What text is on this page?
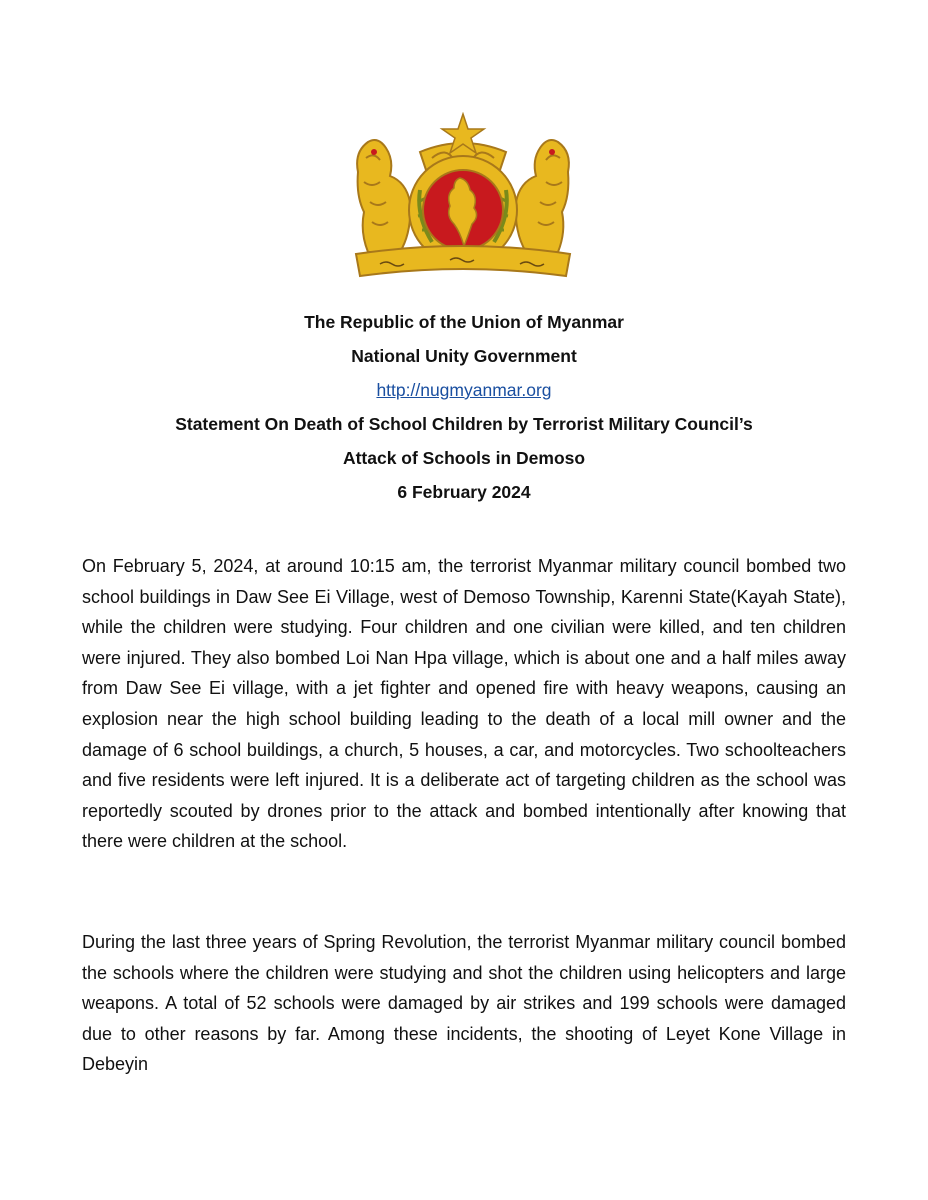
The Republic of the Union of Myanmar
National Unity Government
http://nugmyanmar.org
Statement On Death of School Children by Terrorist Military Council’s
Attack of Schools in Demoso
6 February 2024

On February 5, 2024, at around 10:15 am, the terrorist Myanmar military council bombed two school buildings in Daw See Ei Village, west of Demoso Township, Karenni State(Kayah State), while the children were studying. Four children and one civilian were killed, and ten children were injured. They also bombed Loi Nan Hpa village, which is about one and a half miles away from Daw See Ei village, with a jet fighter and opened fire with heavy weapons, causing an explosion near the high school building leading to the death of a local mill owner and the damage of 6 school buildings, a church, 5 houses, a car, and motorcycles. Two schoolteachers and five residents were left injured. It is a deliberate act of targeting children as the school was reportedly scouted by drones prior to the attack and bombed intentionally after knowing that there were children at the school.

During the last three years of Spring Revolution, the terrorist Myanmar military council bombed the schools where the children were studying and shot the children using helicopters and large weapons. A total of 52 schools were damaged by air strikes and 199 schools were damaged due to other reasons by far. Among these incidents, the shooting of Leyet Kone Village in Debeyin
